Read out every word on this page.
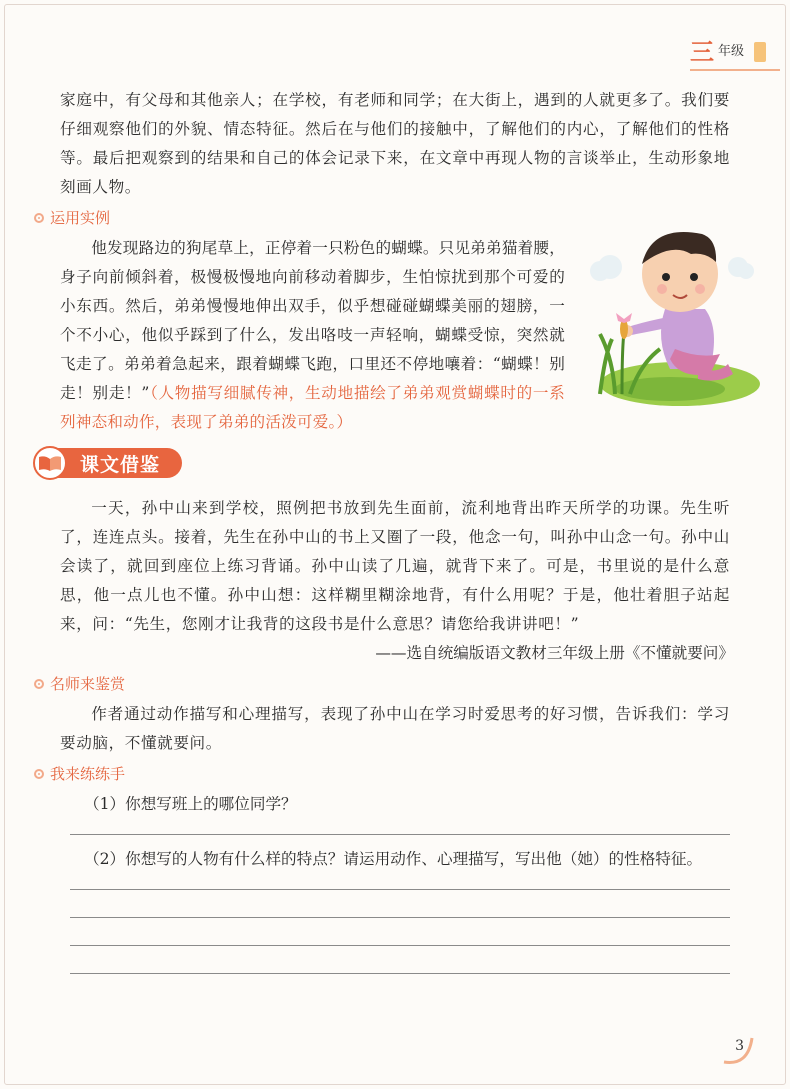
三 年级

家庭中，有父母和其他亲人；在学校，有老师和同学；在大街上，遇到的人就更多了。我们要仔细观察他们的外貌、情态特征。然后在与他们的接触中，了解他们的内心，了解他们的性格等。最后把观察到的结果和自己的体会记录下来，在文章中再现人物的言谈举止，生动形象地刻画人物。

运用实例

他发现路边的狗尾草上，正停着一只粉色的蝴蝶。只见弟弟猫着腰，身子向前倾斜着，极慢极慢地向前移动着脚步，生怕惊扰到那个可爱的小东西。然后，弟弟慢慢地伸出双手，似乎想碰碰蝴蝶美丽的翅膀，一个不小心，他似乎踩到了什么，发出咯吱一声轻响，蝴蝶受惊，突然就飞走了。弟弟着急起来，跟着蝴蝶飞跑，口里还不停地嚷着：“蝴蝶！别走！别走！”（人物描写细腻传神，生动地描绘了弟弟观赏蝴蝶时的一系列神态和动作，表现了弟弟的活泼可爱。）

课文借鉴

一天，孙中山来到学校，照例把书放到先生面前，流利地背出昨天所学的功课。先生听了，连连点头。接着，先生在孙中山的书上又圈了一段，他念一句，叫孙中山念一句。孙中山会读了，就回到座位上练习背诵。孙中山读了几遍，就背下来了。可是，书里说的是什么意思，他一点儿也不懂。孙中山想：这样糊里糊涂地背，有什么用呢？于是，他壮着胆子站起来，问：“先生，您刚才让我背的这段书是什么意思？请您给我讲讲吧！”

——选自统编版语文教材三年级上册《不懂就要问》

名师来鉴赏

作者通过动作描写和心理描写，表现了孙中山在学习时爱思考的好习惯，告诉我们：学习要动脑，不懂就要问。

我来练练手

（1）你想写班上的哪位同学？

（2）你想写的人物有什么样的特点？请运用动作、心理描写，写出他（她）的性格特征。

3
